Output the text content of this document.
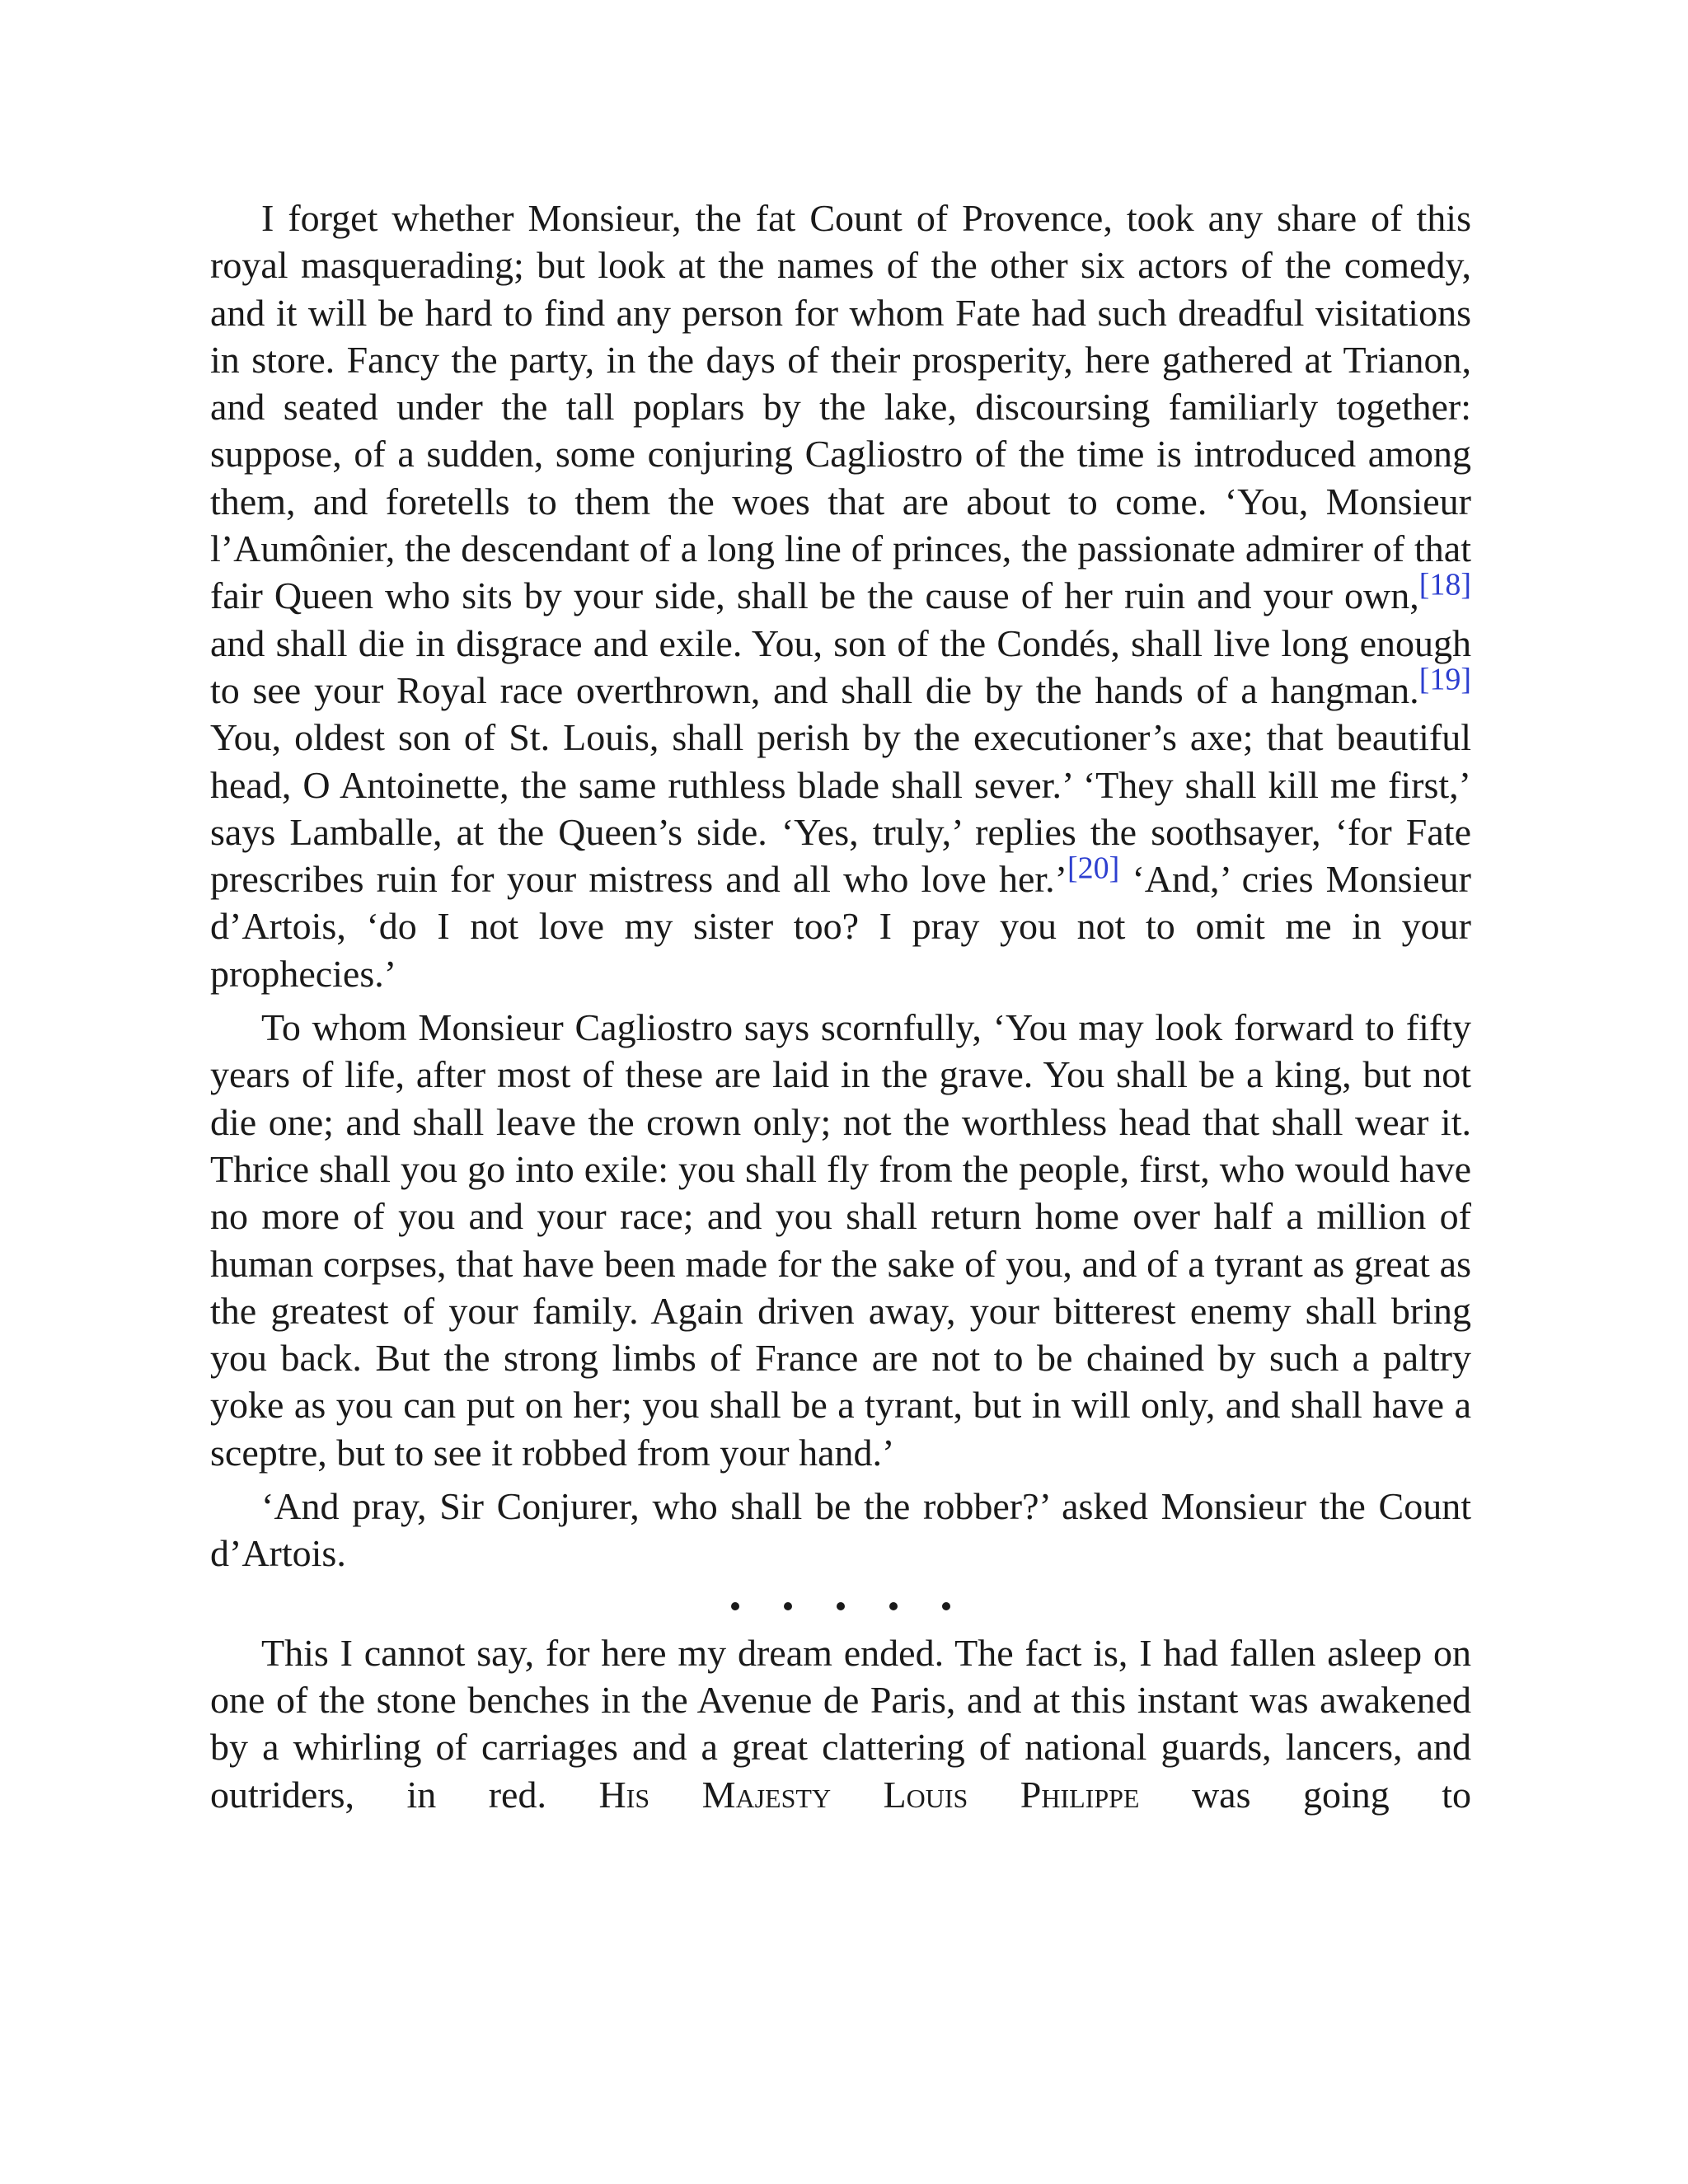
I forget whether Monsieur, the fat Count of Provence, took any share of this royal masquerading; but look at the names of the other six actors of the comedy, and it will be hard to find any person for whom Fate had such dreadful visitations in store. Fancy the party, in the days of their prosperity, here gathered at Trianon, and seated under the tall poplars by the lake, discoursing familiarly together: suppose, of a sudden, some conjuring Cagliostro of the time is introduced among them, and foretells to them the woes that are about to come. ‘You, Monsieur l’Aumônier, the descendant of a long line of princes, the passionate admirer of that fair Queen who sits by your side, shall be the cause of her ruin and your own,[18] and shall die in disgrace and exile. You, son of the Condés, shall live long enough to see your Royal race overthrown, and shall die by the hands of a hangman.[19] You, oldest son of St. Louis, shall perish by the executioner’s axe; that beautiful head, O Antoinette, the same ruthless blade shall sever.’ ‘They shall kill me first,’ says Lamballe, at the Queen’s side. ‘Yes, truly,’ replies the soothsayer, ‘for Fate prescribes ruin for your mistress and all who love her.’[20] ‘And,’ cries Monsieur d’Artois, ‘do I not love my sister too? I pray you not to omit me in your prophecies.’

To whom Monsieur Cagliostro says scornfully, ‘You may look forward to fifty years of life, after most of these are laid in the grave. You shall be a king, but not die one; and shall leave the crown only; not the worthless head that shall wear it. Thrice shall you go into exile: you shall fly from the people, first, who would have no more of you and your race; and you shall return home over half a million of human corpses, that have been made for the sake of you, and of a tyrant as great as the greatest of your family. Again driven away, your bitterest enemy shall bring you back. But the strong limbs of France are not to be chained by such a paltry yoke as you can put on her; you shall be a tyrant, but in will only, and shall have a sceptre, but to see it robbed from your hand.’

‘And pray, Sir Conjurer, who shall be the robber?’ asked Monsieur the Count d’Artois.

This I cannot say, for here my dream ended. The fact is, I had fallen asleep on one of the stone benches in the Avenue de Paris, and at this instant was awakened by a whirling of carriages and a great clattering of national guards, lancers, and outriders, in red. His Majesty Louis Philippe was going to
